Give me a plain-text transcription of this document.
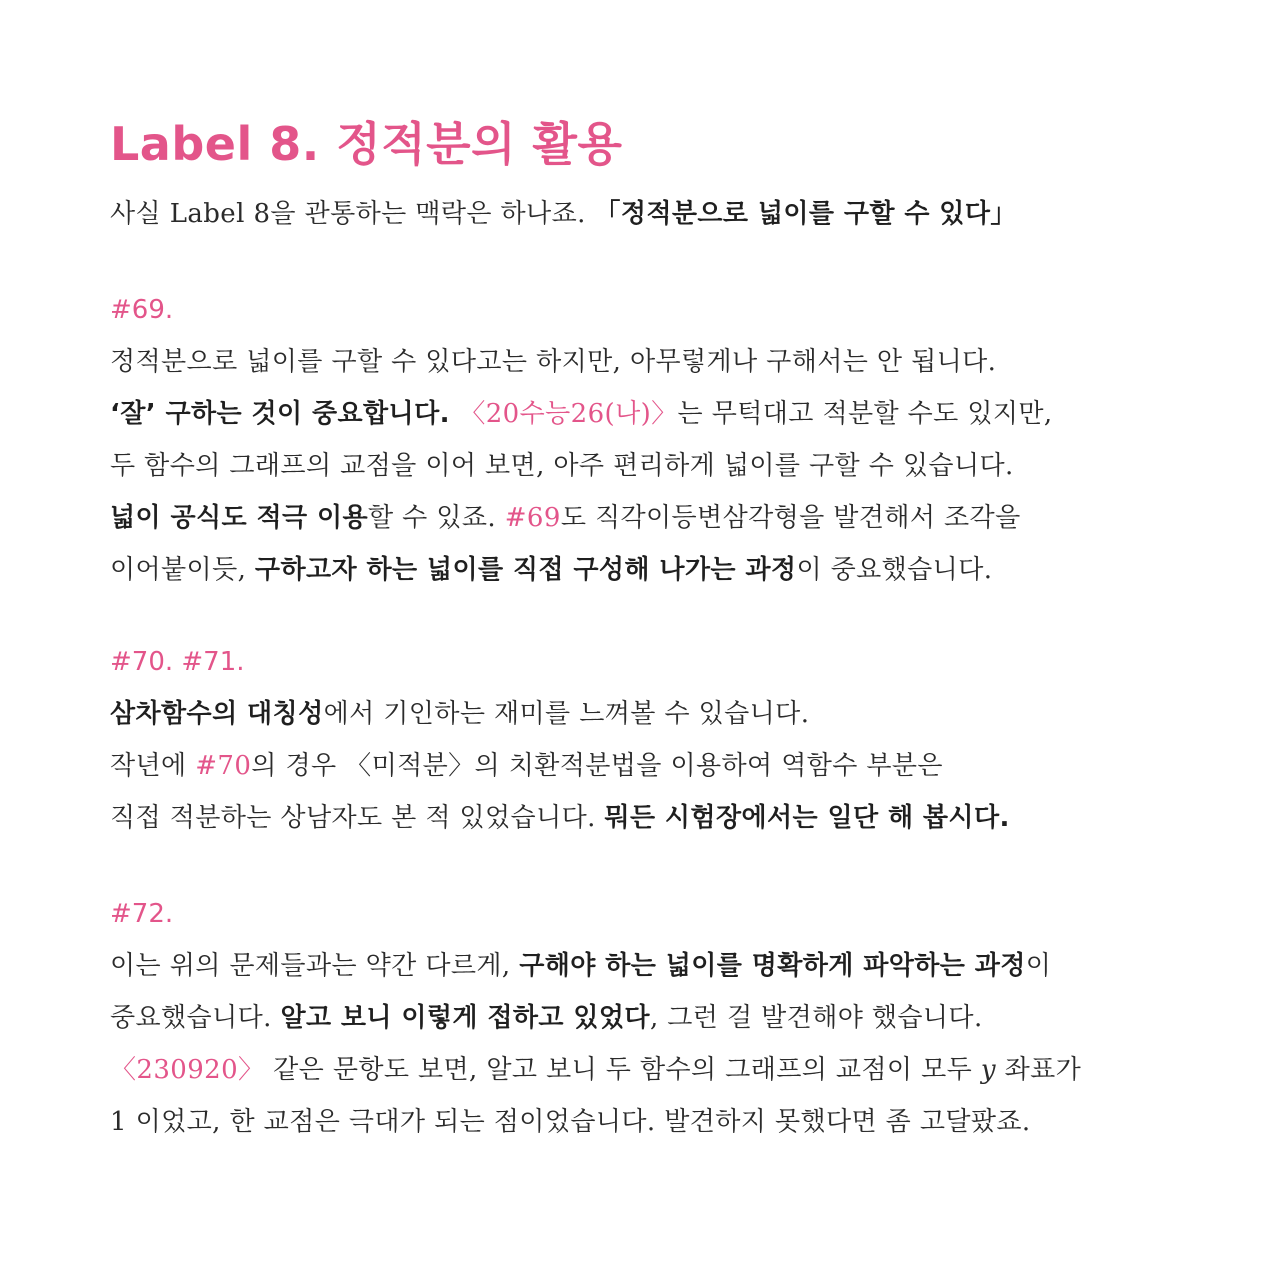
Label 8. 정적분의 활용
사실 Label 8을 관통하는 맥락은 하나죠. 「정적분으로 넓이를 구할 수 있다」
#69.
정적분으로 넓이를 구할 수 있다고는 하지만, 아무렇게나 구해서는 안 됩니다.
‘잘’ 구하는 것이 중요합니다. 〈20수능26(나)〉는 무턱대고 적분할 수도 있지만,
두 함수의 그래프의 교점을 이어 보면, 아주 편리하게 넓이를 구할 수 있습니다.
넓이 공식도 적극 이용할 수 있죠. #69도 직각이등변삼각형을 발견해서 조각을
이어붙이듯, 구하고자 하는 넓이를 직접 구성해 나가는 과정이 중요했습니다.
#70. #71.
삼차함수의 대칭성에서 기인하는 재미를 느껴볼 수 있습니다.
작년에 #70의 경우 〈미적분〉의 치환적분법을 이용하여 역함수 부분은
직접 적분하는 상남자도 본 적 있었습니다. 뭐든 시험장에서는 일단 해 봅시다.
#72.
이는 위의 문제들과는 약간 다르게, 구해야 하는 넓이를 명확하게 파악하는 과정이
중요했습니다. 알고 보니 이렇게 접하고 있었다, 그런 걸 발견해야 했습니다.
〈230920〉 같은 문항도 보면, 알고 보니 두 함수의 그래프의 교점이 모두 y 좌표가
1 이었고, 한 교점은 극대가 되는 점이었습니다. 발견하지 못했다면 좀 고달팠죠.
